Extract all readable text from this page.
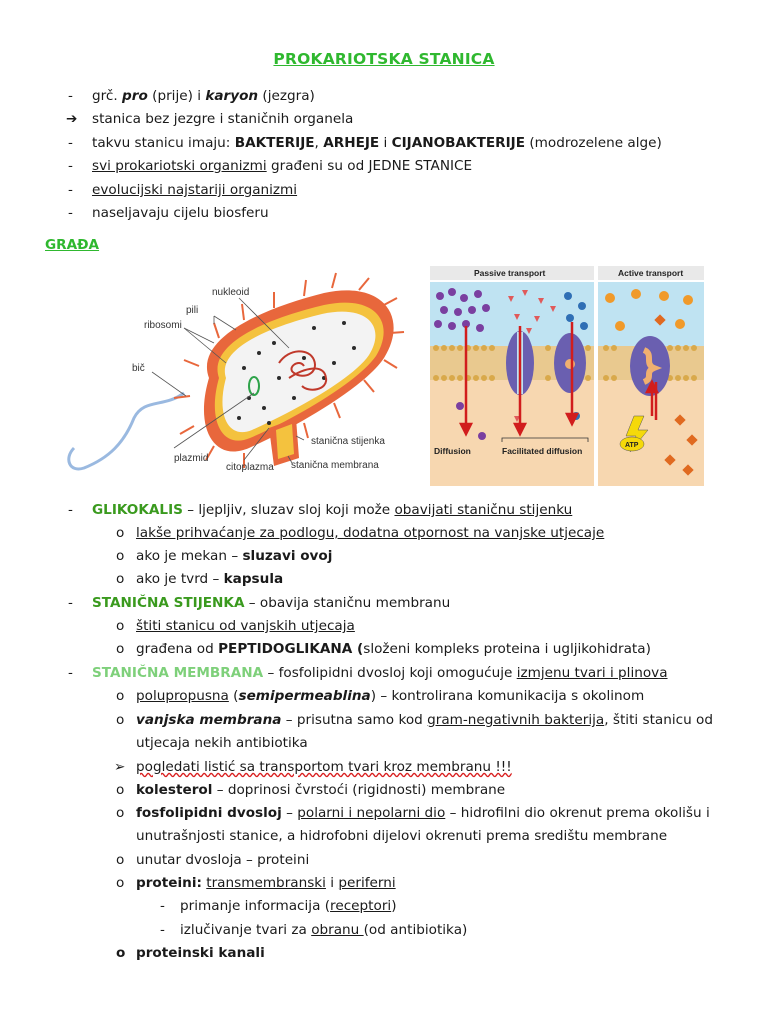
PROKARIOTSKA STANICA
- grč. pro (prije) i karyon (jezgra)
➔ stanica bez jezgre i staničnih organela
- takvu stanicu imaju: BAKTERIJE, ARHEJE i CIJANOBAKTERIJE (modrozelene alge)
- svi prokariotski organizmi građeni su od JEDNE STANICE
- evolucijski najstariji organizmi
- naseljavaju cijelu biosferu
GRAĐA
nukleoid
pili
ribosomi
bič
plazmid
citoplazma
stanična stijenka
stanična membrana
Passive transport	Active transport
ATP
Diffusion	Facilitated diffusion
- GLIKOKALIS – ljepljiv, sluzav sloj koji može obavijati staničnu stijenku
o lakše prihvaćanje za podlogu, dodatna otpornost na vanjske utjecaje
o ako je mekan – sluzavi ovoj
o ako je tvrd – kapsula
- STANIČNA STIJENKA – obavija staničnu membranu
o štiti stanicu od vanjskih utjecaja
o građena od PEPTIDOGLIKANA (složeni kompleks proteina i ugljikohidrata)
- STANIČNA MEMBRANA – fosfolipidni dvosloj koji omogućuje izmjenu tvari i plinova
o polupropusna (semipermeablina) – kontrolirana komunikacija s okolinom
o vanjska membrana – prisutna samo kod gram-negativnih bakterija, štiti stanicu od
utjecaja nekih antibiotika
➢ pogledati listić sa transportom tvari kroz membranu !!!
o kolesterol – doprinosi čvrstoći (rigidnosti) membrane
o fosfolipidni dvosloj – polarni i nepolarni dio – hidrofilni dio okrenut prema okolišu i
unutrašnjosti stanice, a hidrofobni dijelovi okrenuti prema središtu membrane
o unutar dvosloja – proteini
o proteini: transmembranski i periferni
- primanje informacija (receptori)
- izlučivanje tvari za obranu (od antibiotika)
o proteinski kanali
